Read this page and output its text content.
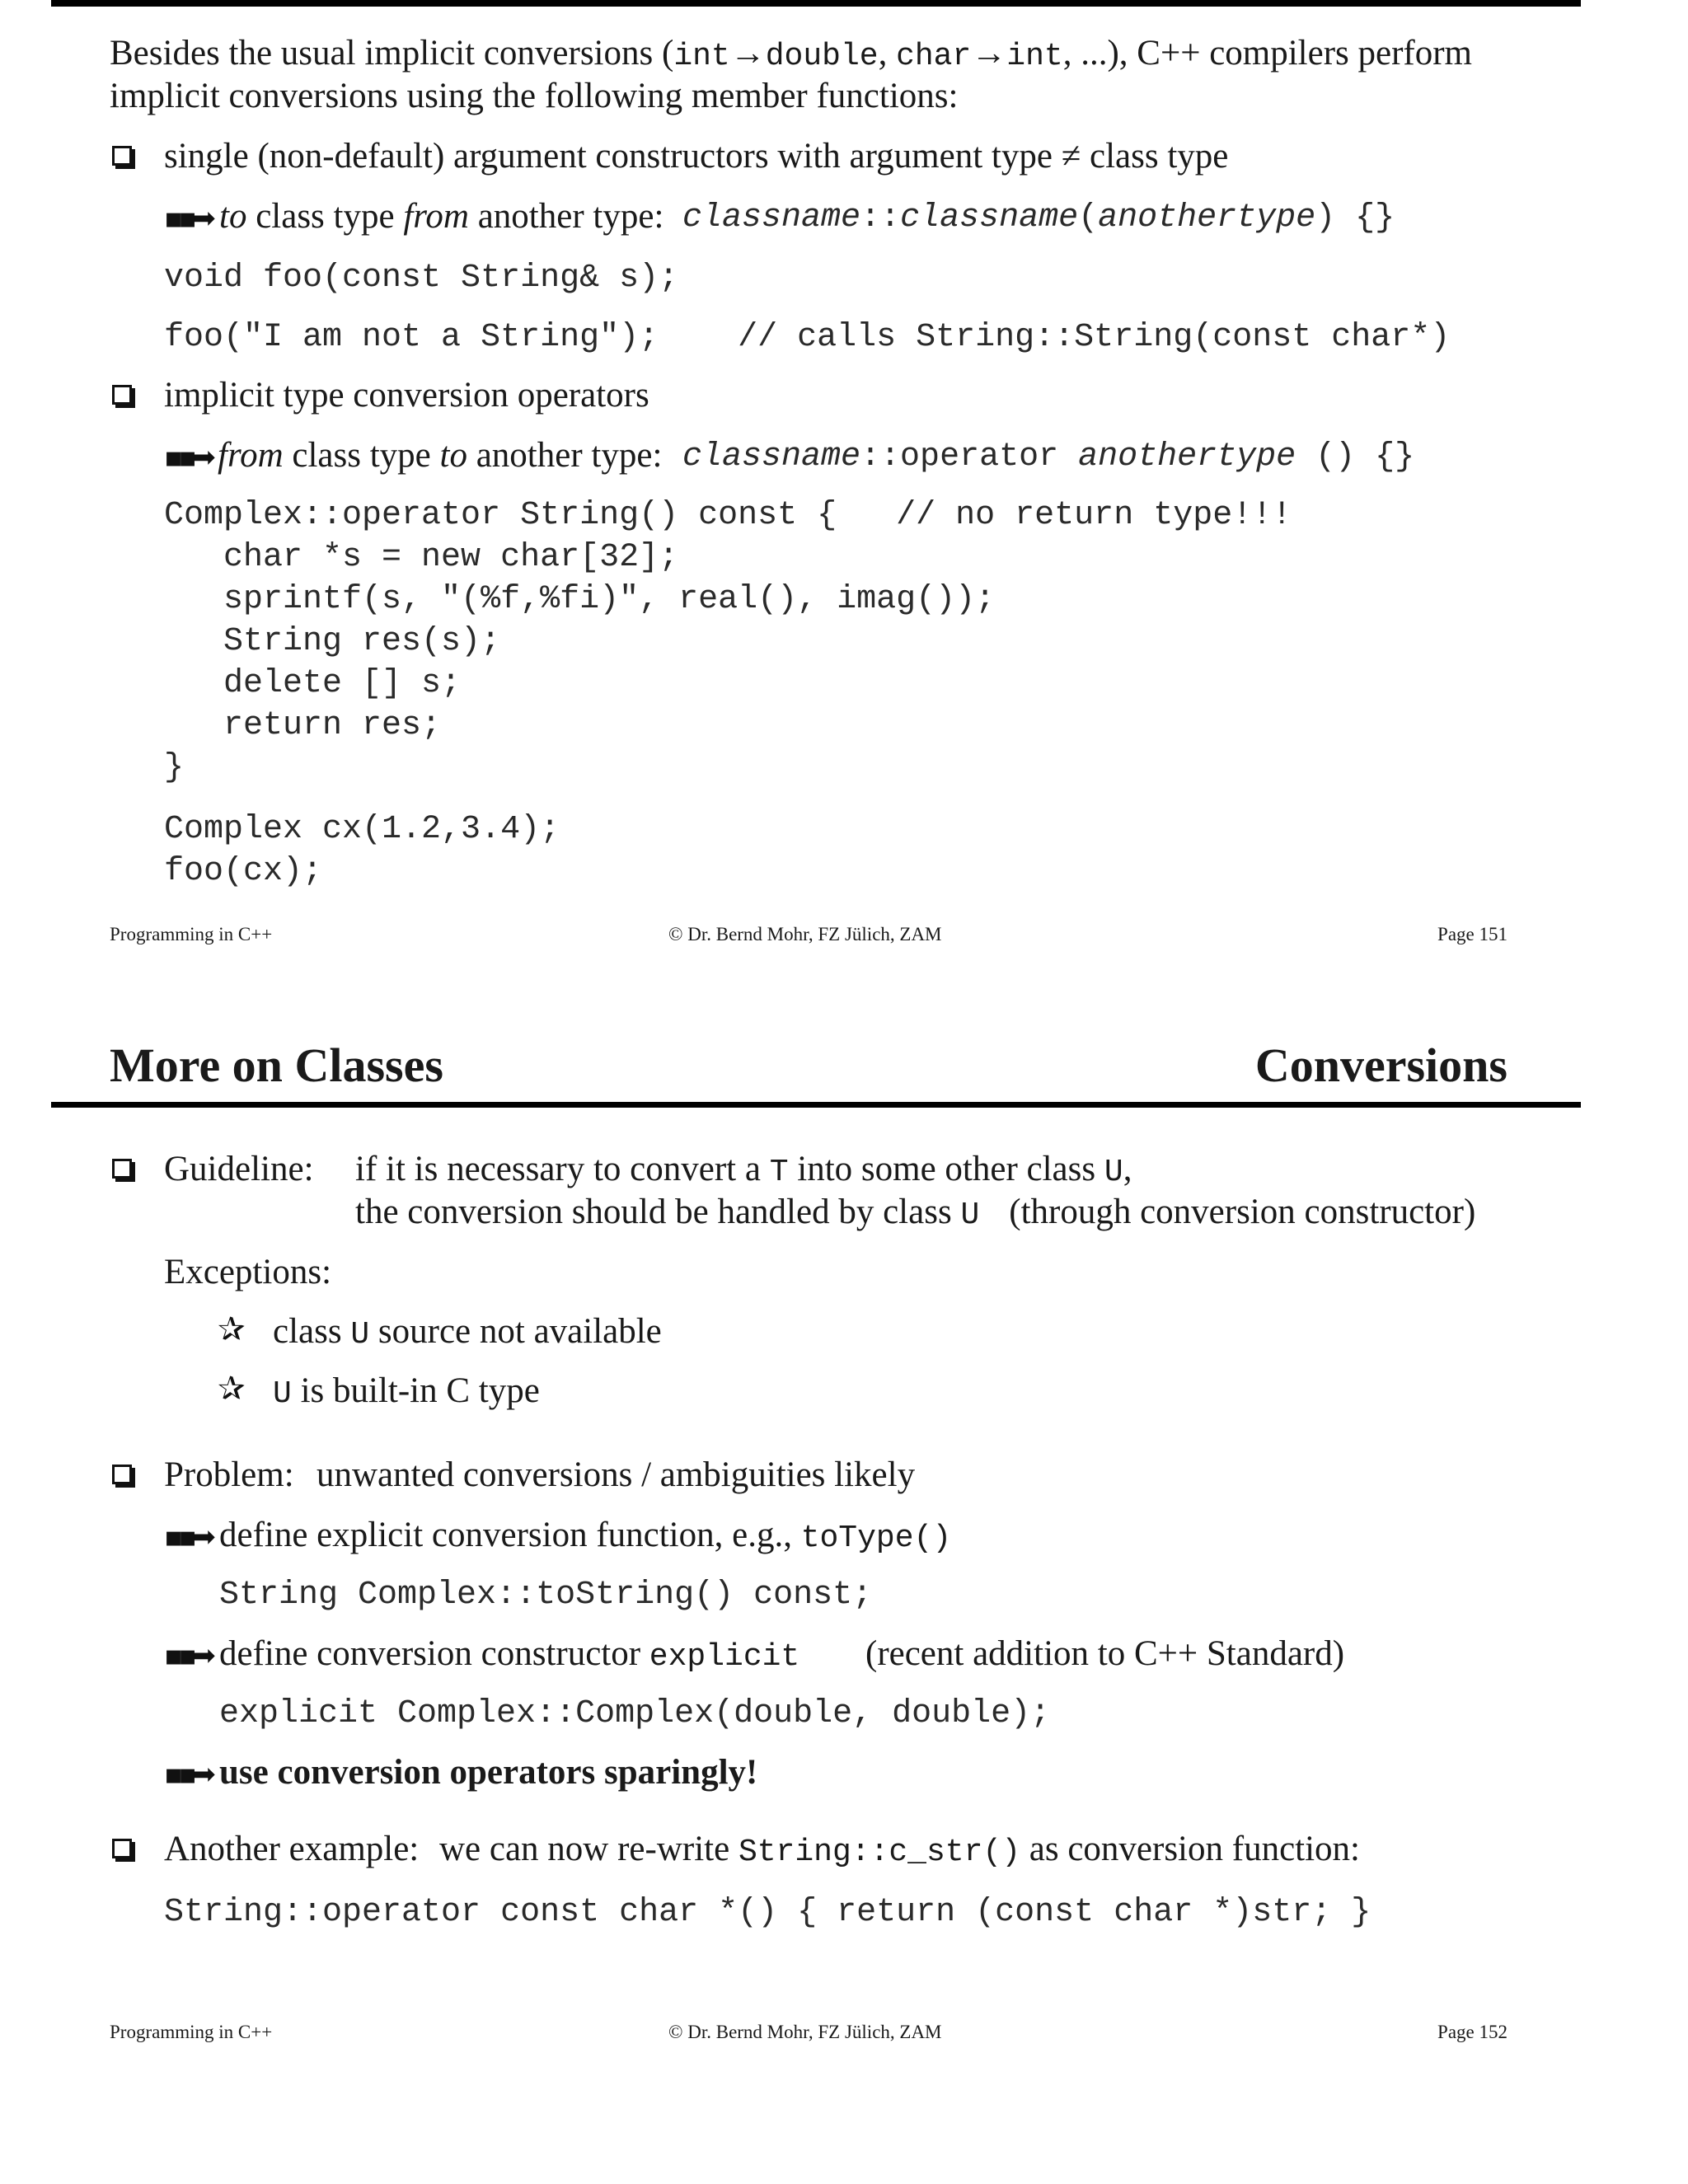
Besides the usual implicit conversions (int→double, char→int, ...), C++ compilers perform
implicit conversions using the following member functions:
single (non-default) argument constructors with argument type ≠ class type
▪▪➡ to class type from another type: classname::classname(anothertype) {}
void foo(const String& s);
foo("I am not a String");    // calls String::String(const char*)
implicit type conversion operators
▪▪➡ from class type to another type: classname::operator anothertype () {}
Complex::operator String() const {   // no return type!!!
char *s = new char[32];
sprintf(s, "(%f,%fi)", real(), imag());
String res(s);
delete [] s;
return res;
}
Complex cx(1.2,3.4);
foo(cx);
Programming in C++	© Dr. Bernd Mohr, FZ Jülich, ZAM	Page 151
More on Classes	Conversions
Guideline: if it is necessary to convert a T into some other class U,
the conversion should be handled by class U (through conversion constructor)
Exceptions:
✰ class U source not available
✰ U is built-in C type
Problem: unwanted conversions / ambiguities likely
▪▪➡ define explicit conversion function, e.g., toType()
String Complex::toString() const;
▪▪➡ define conversion constructor explicit (recent addition to C++ Standard)
explicit Complex::Complex(double, double);
▪▪➡ use conversion operators sparingly!
Another example: we can now re-write String::c_str() as conversion function:
String::operator const char *() { return (const char *)str; }
Programming in C++	© Dr. Bernd Mohr, FZ Jülich, ZAM	Page 152
